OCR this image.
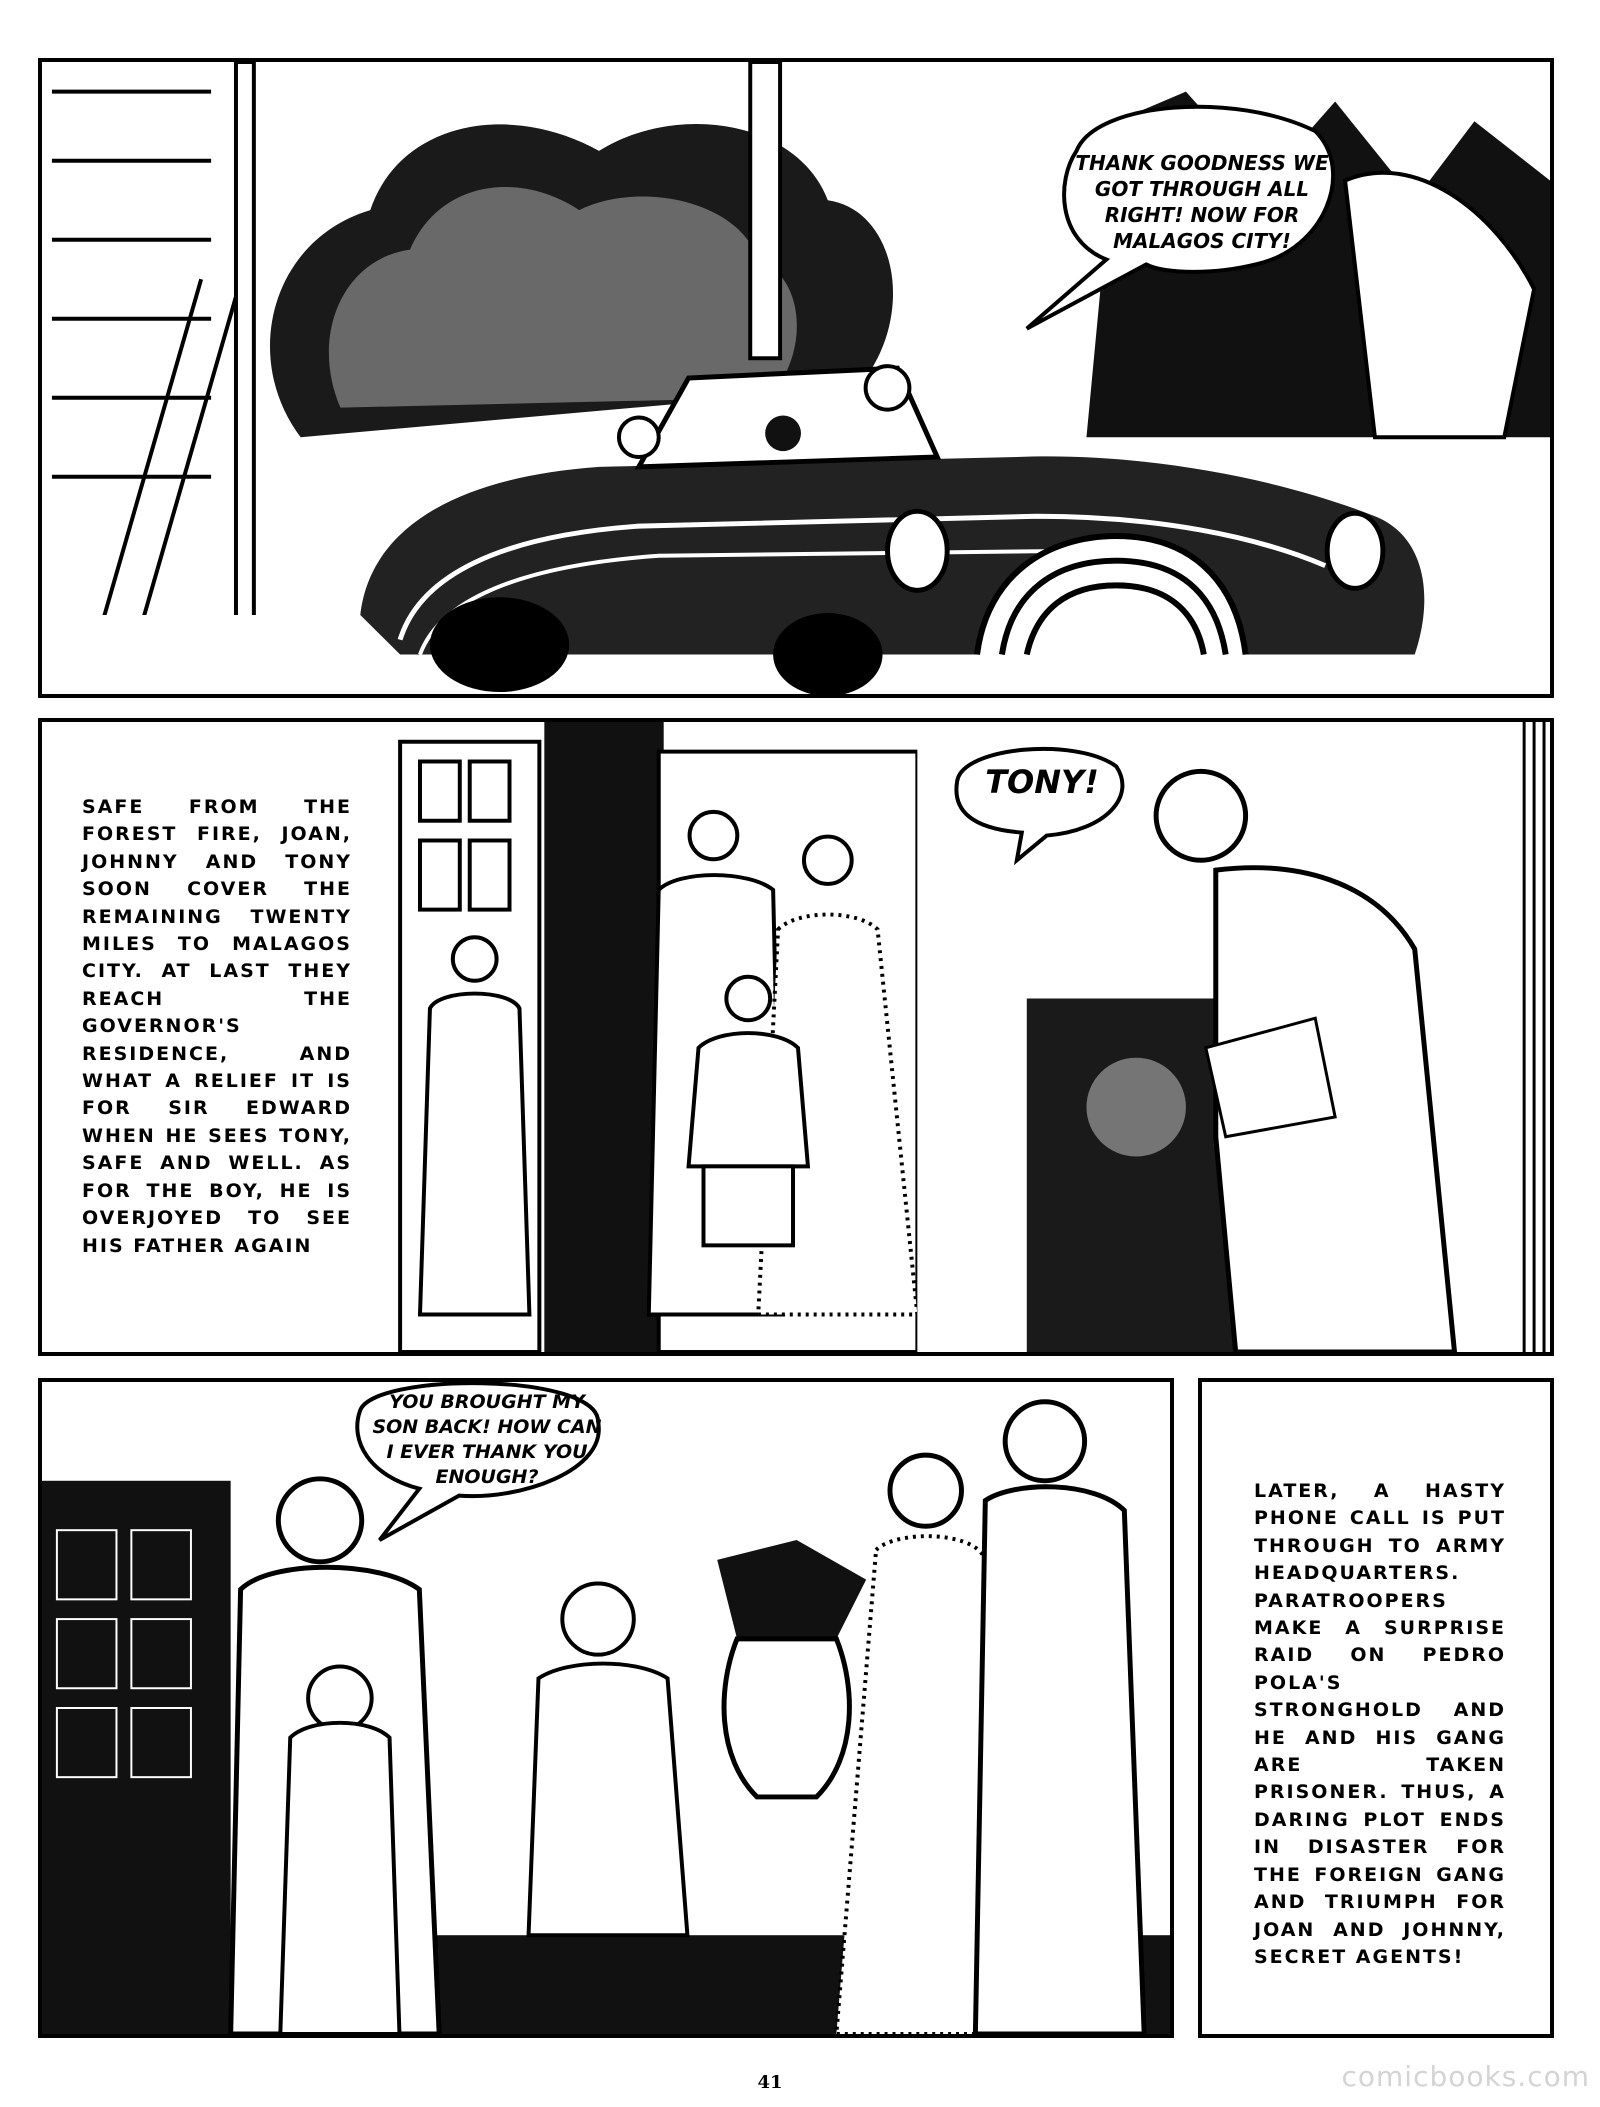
THANK GOODNESS WE GOT THROUGH ALL RIGHT! NOW FOR MALAGOS CITY!

SAFE FROM THE FOREST FIRE, JOAN, JOHNNY AND TONY SOON COVER THE REMAINING TWENTY MILES TO MALAGOS CITY. AT LAST THEY REACH THE GOVERNOR'S RESIDENCE, AND WHAT A RELIEF IT IS FOR SIR EDWARD WHEN HE SEES TONY, SAFE AND WELL. AS FOR THE BOY, HE IS OVERJOYED TO SEE HIS FATHER AGAIN

TONY!
YOU BROUGHT MY SON BACK! HOW CAN I EVER THANK YOU ENOUGH?

LATER, A HASTY PHONE CALL IS PUT THROUGH TO ARMY HEADQUARTERS. PARATROOPERS MAKE A SURPRISE RAID ON PEDRO POLA'S STRONGHOLD AND HE AND HIS GANG ARE TAKEN PRISONER. THUS, A DARING PLOT ENDS IN DISASTER FOR THE FOREIGN GANG AND TRIUMPH FOR JOAN AND JOHNNY, SECRET AGENTS!

41	comicbooks.com
